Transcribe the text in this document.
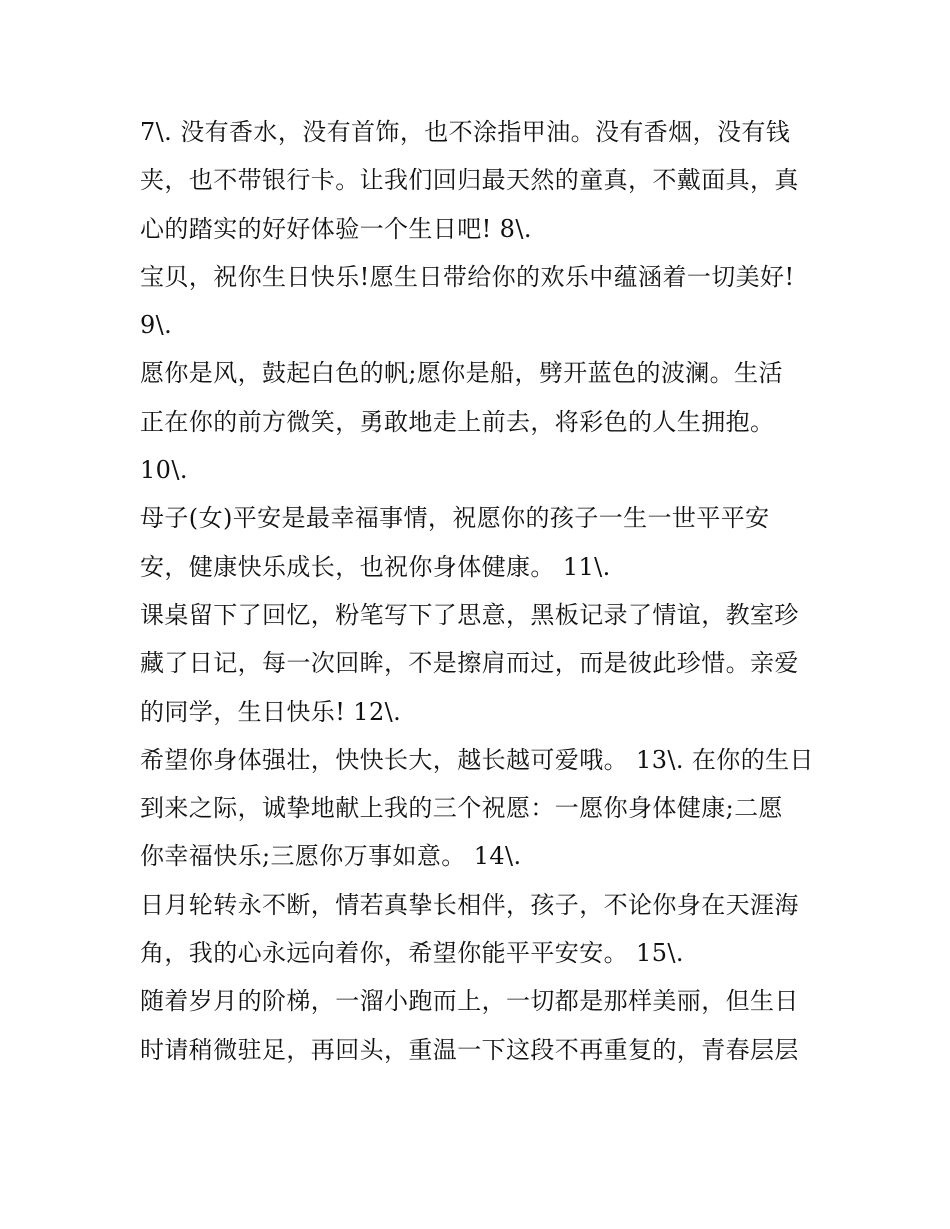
7\. 没有香水，没有首饰，也不涂指甲油。没有香烟，没有钱
夹，也不带银行卡。让我们回归最天然的童真，不戴面具，真
心的踏实的好好体验一个生日吧! 8\.
宝贝，祝你生日快乐!愿生日带给你的欢乐中蕴涵着一切美好!
9\.
愿你是风，鼓起白色的帆;愿你是船，劈开蓝色的波澜。生活
正在你的前方微笑，勇敢地走上前去，将彩色的人生拥抱。
10\.
母子(女)平安是最幸福事情，祝愿你的孩子一生一世平平安
安，健康快乐成长，也祝你身体健康。 11\.
课桌留下了回忆，粉笔写下了思意，黑板记录了情谊，教室珍
藏了日记，每一次回眸，不是擦肩而过，而是彼此珍惜。亲爱
的同学，生日快乐! 12\.
希望你身体强壮，快快长大，越长越可爱哦。 13\. 在你的生日
到来之际，诚挚地献上我的三个祝愿：一愿你身体健康;二愿
你幸福快乐;三愿你万事如意。 14\.
日月轮转永不断，情若真挚长相伴，孩子，不论你身在天涯海
角，我的心永远向着你，希望你能平平安安。 15\.
随着岁月的阶梯，一溜小跑而上，一切都是那样美丽，但生日
时请稍微驻足，再回头，重温一下这段不再重复的，青春层层
